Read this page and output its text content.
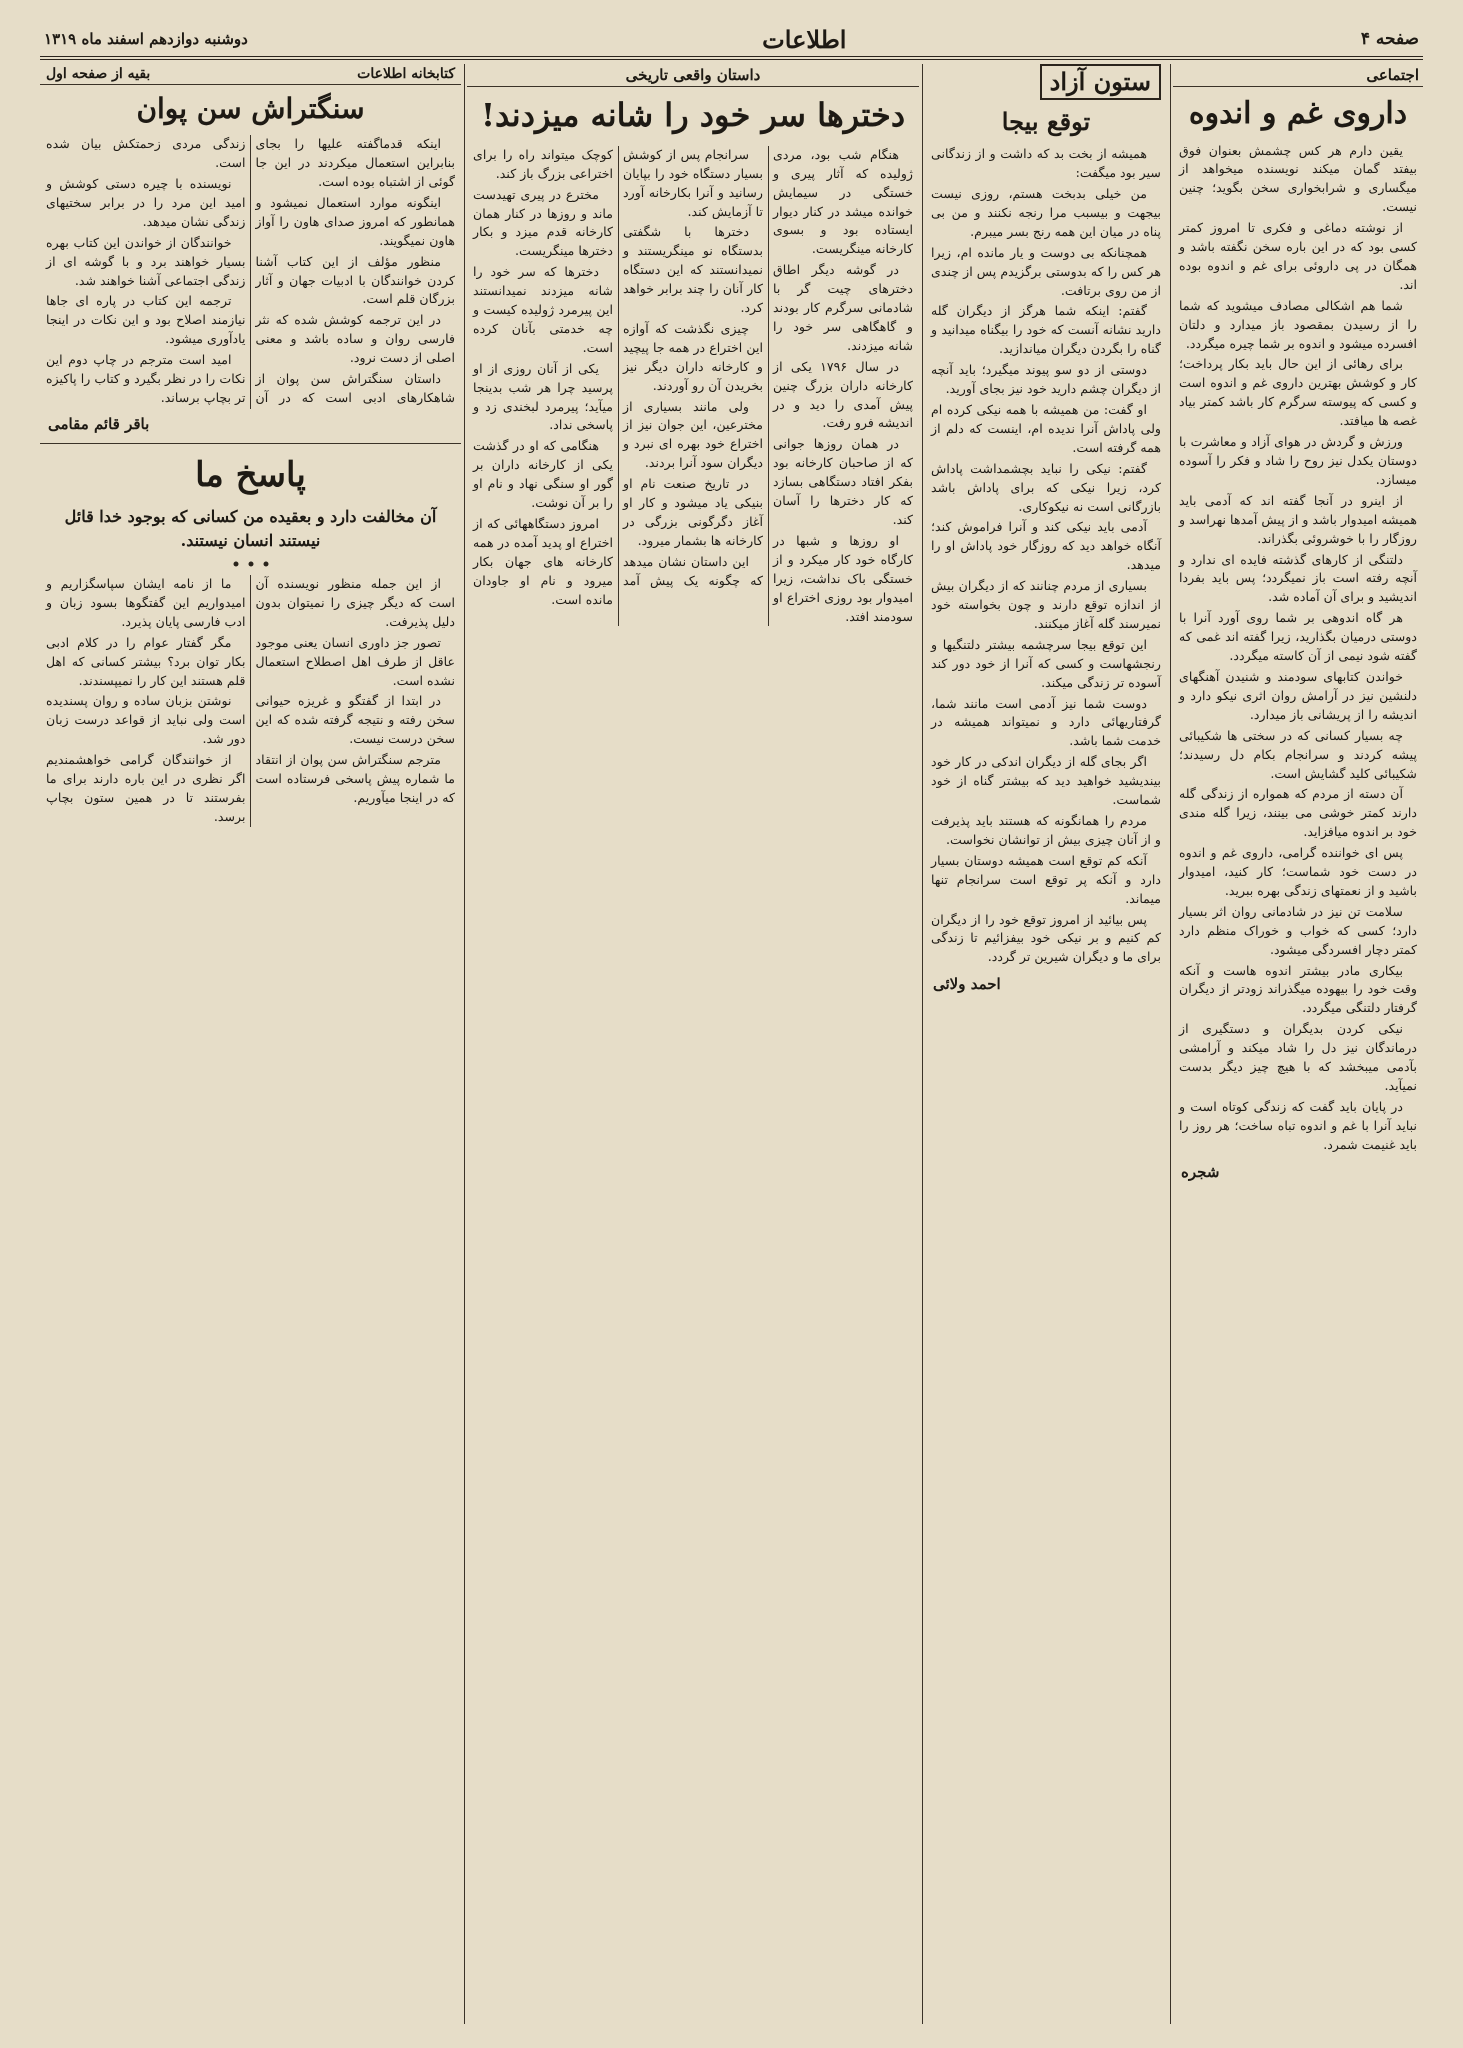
صفحه ۴
اطلاعات
دوشنبه دوازدهم اسفند ماه ۱۳۱۹
اجتماعی
داروی غم و اندوه

یقین دارم هر کس چشمش بعنوان فوق بیفتد گمان میکند نویسنده میخواهد از میگساری و شرابخواری سخن بگوید؛ چنین نیست.

از نوشته دماغی و فکری تا امروز کمتر کسی بود که در این باره سخن نگفته باشد و همگان در پی داروئی برای غم و اندوه بوده اند.

شما هم اشکالی مصادف میشوید که شما را از رسیدن بمقصود باز میدارد و دلتان افسرده میشود و اندوه بر شما چیره میگردد.

برای رهائی از این حال باید بکار پرداخت؛ کار و کوشش بهترین داروی غم و اندوه است و کسی که پیوسته سرگرم کار باشد کمتر بیاد غصه ها میافتد.

ورزش و گردش در هوای آزاد و معاشرت با دوستان یکدل نیز روح را شاد و فکر را آسوده میسازد.

از اینرو در آنجا گفته اند که آدمی باید همیشه امیدوار باشد و از پیش آمدها نهراسد و روزگار را با خوشروئی بگذراند.

دلتنگی از کارهای گذشته فایده ای ندارد و آنچه رفته است باز نمیگردد؛ پس باید بفردا اندیشید و برای آن آماده شد.

هر گاه اندوهی بر شما روی آورد آنرا با دوستی درمیان بگذارید، زیرا گفته اند غمی که گفته شود نیمی از آن کاسته میگردد.

خواندن کتابهای سودمند و شنیدن آهنگهای دلنشین نیز در آرامش روان اثری نیکو دارد و اندیشه را از پریشانی باز میدارد.

چه بسیار کسانی که در سختی ها شکیبائی پیشه کردند و سرانجام بکام دل رسیدند؛ شکیبائی کلید گشایش است.

آن دسته از مردم که همواره از زندگی گله دارند کمتر خوشی می بینند، زیرا گله مندی خود بر اندوه میافزاید.

پس ای خواننده گرامی، داروی غم و اندوه در دست خود شماست؛ کار کنید، امیدوار باشید و از نعمتهای زندگی بهره ببرید.

سلامت تن نیز در شادمانی روان اثر بسیار دارد؛ کسی که خواب و خوراک منظم دارد کمتر دچار افسردگی میشود.

بیکاری مادر بیشتر اندوه هاست و آنکه وقت خود را بیهوده میگذراند زودتر از دیگران گرفتار دلتنگی میگردد.

نیکی کردن بدیگران و دستگیری از درماندگان نیز دل را شاد میکند و آرامشی بآدمی میبخشد که با هیچ چیز دیگر بدست نمیآید.

در پایان باید گفت که زندگی کوتاه است و نباید آنرا با غم و اندوه تباه ساخت؛ هر روز را باید غنیمت شمرد.

شجره
ستون آزاد
توقع بیجا

همیشه از بخت بد که داشت و از زندگانی سیر بود میگفت:

من خیلی بدبخت هستم، روزی نیست بیجهت و بیسبب مرا رنجه نکنند و من بی پناه در میان این همه رنج بسر میبرم.

همچنانکه بی دوست و یار مانده ام، زیرا هر کس را که بدوستی برگزیدم پس از چندی از من روی برتافت.

گفتم: اینکه شما هرگز از دیگران گله دارید نشانه آنست که خود را بیگناه میدانید و گناه را بگردن دیگران میاندازید.

دوستی از دو سو پیوند میگیرد؛ باید آنچه از دیگران چشم دارید خود نیز بجای آورید.

او گفت: من همیشه با همه نیکی کرده ام ولی پاداش آنرا ندیده ام، اینست که دلم از همه گرفته است.

گفتم: نیکی را نباید بچشمداشت پاداش کرد، زیرا نیکی که برای پاداش باشد بازرگانی است نه نیکوکاری.

آدمی باید نیکی کند و آنرا فراموش کند؛ آنگاه خواهد دید که روزگار خود پاداش او را میدهد.

بسیاری از مردم چنانند که از دیگران بیش از اندازه توقع دارند و چون بخواسته خود نمیرسند گله آغاز میکنند.

این توقع بیجا سرچشمه بیشتر دلتنگیها و رنجشهاست و کسی که آنرا از خود دور کند آسوده تر زندگی میکند.

دوست شما نیز آدمی است مانند شما، گرفتاریهائی دارد و نمیتواند همیشه در خدمت شما باشد.

اگر بجای گله از دیگران اندکی در کار خود بیندیشید خواهید دید که بیشتر گناه از خود شماست.

مردم را همانگونه که هستند باید پذیرفت و از آنان چیزی بیش از توانشان نخواست.

آنکه کم توقع است همیشه دوستان بسیار دارد و آنکه پر توقع است سرانجام تنها میماند.

پس بیائید از امروز توقع خود را از دیگران کم کنیم و بر نیکی خود بیفزائیم تا زندگی برای ما و دیگران شیرین تر گردد.

احمد ولائی
داستان واقعی تاریخی
دخترها سر خود را شانه میزدند!

هنگام شب بود، مردی ژولیده که آثار پیری و خستگی در سیمایش خوانده میشد در کنار دیوار ایستاده بود و بسوی کارخانه مینگریست.

در گوشه دیگر اطاق دخترهای چیت گر با شادمانی سرگرم کار بودند و گاهگاهی سر خود را شانه میزدند.

در سال ۱۷۹۶ یکی از کارخانه داران بزرگ چنین پیش آمدی را دید و در اندیشه فرو رفت.

در همان روزها جوانی که از صاحبان کارخانه بود بفکر افتاد دستگاهی بسازد که کار دخترها را آسان کند.

او روزها و شبها در کارگاه خود کار میکرد و از خستگی باک نداشت، زیرا امیدوار بود روزی اختراع او سودمند افتد.

سرانجام پس از کوشش بسیار دستگاه خود را بپایان رسانید و آنرا بکارخانه آورد تا آزمایش کند.

دخترها با شگفتی بدستگاه نو مینگریستند و نمیدانستند که این دستگاه کار آنان را چند برابر خواهد کرد.

چیزی نگذشت که آوازه این اختراع در همه جا پیچید و کارخانه داران دیگر نیز بخریدن آن رو آوردند.

ولی مانند بسیاری از مخترعین، این جوان نیز از اختراع خود بهره ای نبرد و دیگران سود آنرا بردند.

در تاریخ صنعت نام او بنیکی یاد میشود و کار او آغاز دگرگونی بزرگی در کارخانه ها بشمار میرود.

این داستان نشان میدهد که چگونه یک پیش آمد کوچک میتواند راه را برای اختراعی بزرگ باز کند.

مخترع در پیری تهیدست ماند و روزها در کنار همان کارخانه قدم میزد و بکار دخترها مینگریست.

دخترها که سر خود را شانه میزدند نمیدانستند این پیرمرد ژولیده کیست و چه خدمتی بآنان کرده است.

یکی از آنان روزی از او پرسید چرا هر شب بدینجا میآید؛ پیرمرد لبخندی زد و پاسخی نداد.

هنگامی که او در گذشت یکی از کارخانه داران بر گور او سنگی نهاد و نام او را بر آن نوشت.

امروز دستگاههائی که از اختراع او پدید آمده در همه کارخانه های جهان بکار میرود و نام او جاودان مانده است.

کتابخانه اطلاعات
بقیه از صفحه اول
سنگتراش سن پوان

اینکه قدماگفته علیها را بجای بنابراین استعمال میکردند در این جا گوئی از اشتباه بوده است.

اینگونه موارد استعمال نمیشود و همانطور که امروز صدای هاون را آواز هاون نمیگویند.

منظور مؤلف از این کتاب آشنا کردن خوانندگان با ادبیات جهان و آثار بزرگان قلم است.

در این ترجمه کوشش شده که نثر فارسی روان و ساده باشد و معنی اصلی از دست نرود.

داستان سنگتراش سن پوان از شاهکارهای ادبی است که در آن زندگی مردی زحمتکش بیان شده است.

نویسنده با چیره دستی کوشش و امید این مرد را در برابر سختیهای زندگی نشان میدهد.

خوانندگان از خواندن این کتاب بهره بسیار خواهند برد و با گوشه ای از زندگی اجتماعی آشنا خواهند شد.

ترجمه این کتاب در پاره ای جاها نیازمند اصلاح بود و این نکات در اینجا یادآوری میشود.

امید است مترجم در چاپ دوم این نکات را در نظر بگیرد و کتاب را پاکیزه تر بچاپ برساند.

باقر قائم مقامی
پاسخ ما
آن مخالفت دارد و بعقیده من کسانی که بوجود خدا قائل نیستند انسان نیستند.

از این جمله منظور نویسنده آن است که دیگر چیزی را نمیتوان بدون دلیل پذیرفت.

تصور جز داوری انسان یعنی موجود عاقل از طرف اهل اصطلاح استعمال نشده است.

در ابتدا از گفتگو و غریزه حیوانی سخن رفته و نتیجه گرفته شده که این سخن درست نیست.

مترجم سنگتراش سن پوان از انتقاد ما شماره پیش پاسخی فرستاده است که در اینجا میآوریم.

ما از نامه ایشان سپاسگزاریم و امیدواریم این گفتگوها بسود زبان و ادب فارسی پایان پذیرد.

مگر گفتار عوام را در کلام ادبی بکار توان برد؟ بیشتر کسانی که اهل قلم هستند این کار را نمیپسندند.

نوشتن بزبان ساده و روان پسندیده است ولی نباید از قواعد درست زبان دور شد.

از خوانندگان گرامی خواهشمندیم اگر نظری در این باره دارند برای ما بفرستند تا در همین ستون بچاپ برسد.
